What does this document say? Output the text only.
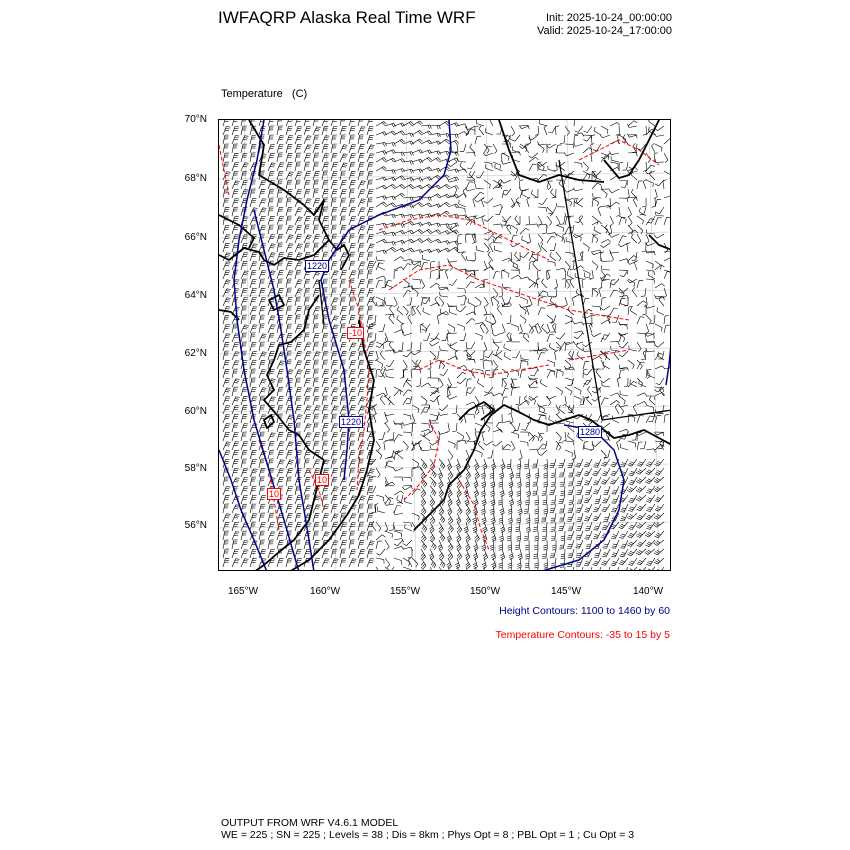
IWFAQRP Alaska Real Time WRF	Init: 2025-10-24_00:00:00
Valid: 2025-10-24_17:00:00

Temperature   (C)

1220
1220
1280
-10
10
10
70°N
68°N
66°N
64°N
62°N
60°N
58°N
56°N
165°W	160°W	155°W	150°W	145°W	140°W
Height Contours: 1100 to 1460 by 60
Temperature Contours: -35 to 15 by 5
OUTPUT FROM WRF V4.6.1 MODEL
WE = 225 ; SN = 225 ; Levels = 38 ; Dis = 8km ; Phys Opt = 8 ; PBL Opt = 1 ; Cu Opt = 3
